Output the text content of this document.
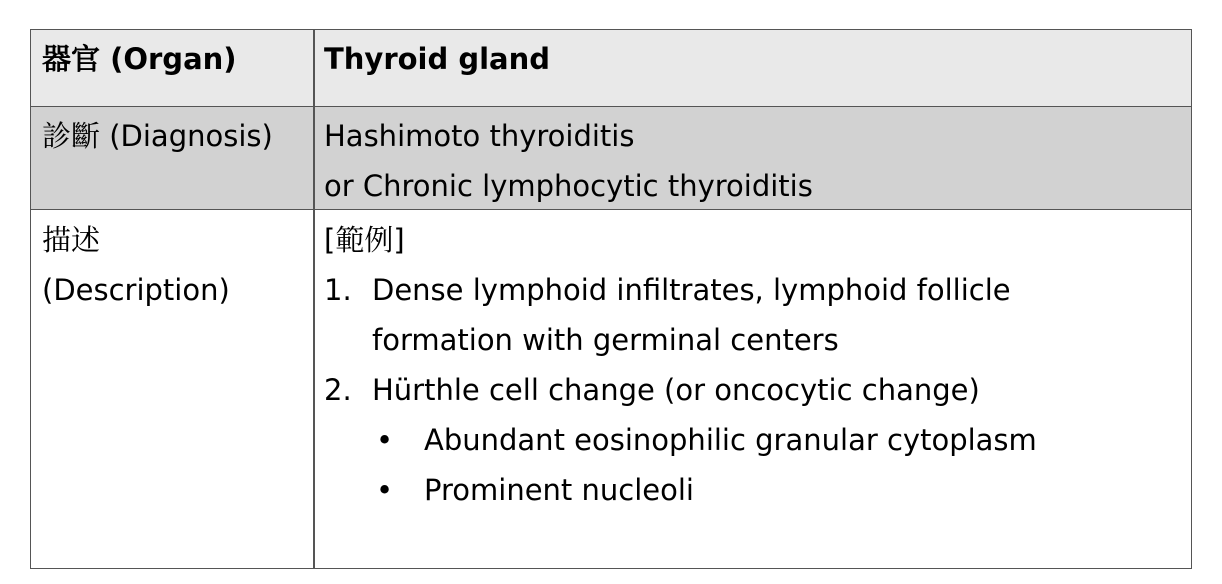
器官 (Organ)	Thyroid gland
診斷 (Diagnosis) Hashimoto thyroiditis
or Chronic lymphocytic thyroiditis
描述
(Description)
[範例]
1. Dense lymphoid infiltrates, lymphoid follicle
formation with germinal centers
2. Hürthle cell change (or oncocytic change)
• Abundant eosinophilic granular cytoplasm
• Prominent nucleoli
